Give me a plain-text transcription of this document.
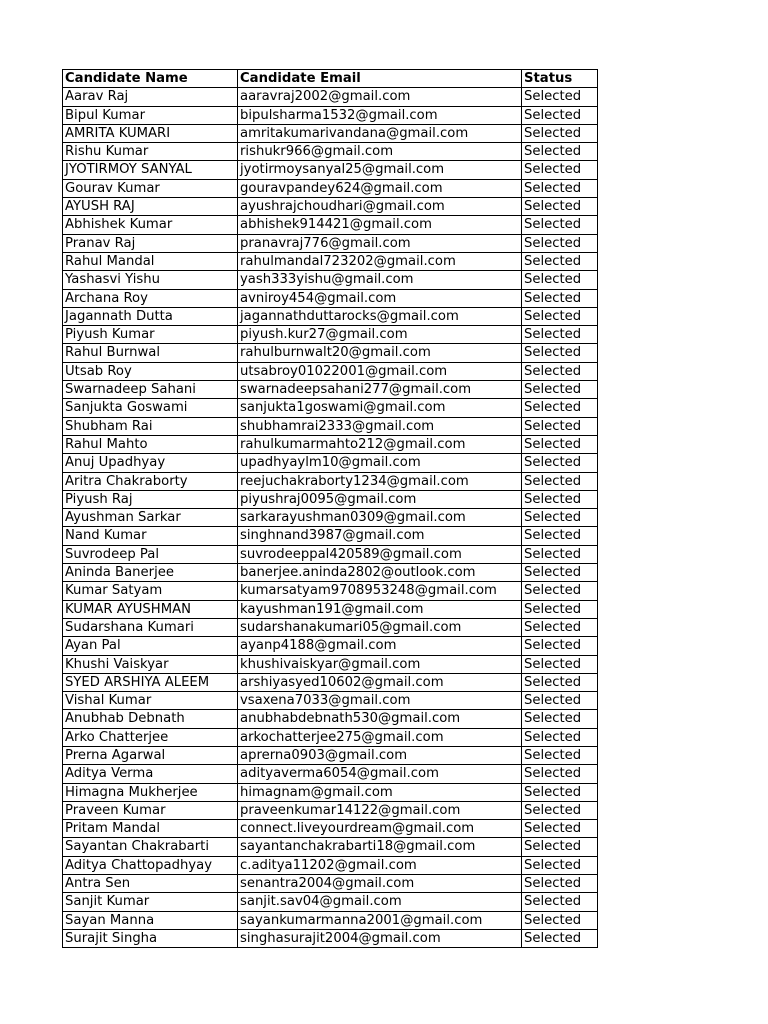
Candidate Name	Candidate Email	Status
Aarav Raj	aaravraj2002@gmail.com	Selected
Bipul Kumar	bipulsharma1532@gmail.com	Selected
AMRITA KUMARI	amritakumarivandana@gmail.com	Selected
Rishu Kumar	rishukr966@gmail.com	Selected
JYOTIRMOY SANYAL	jyotirmoysanyal25@gmail.com	Selected
Gourav Kumar	gouravpandey624@gmail.com	Selected
AYUSH RAJ	ayushrajchoudhari@gmail.com	Selected
Abhishek Kumar	abhishek914421@gmail.com	Selected
Pranav Raj	pranavraj776@gmail.com	Selected
Rahul Mandal	rahulmandal723202@gmail.com	Selected
Yashasvi Yishu	yash333yishu@gmail.com	Selected
Archana Roy	avniroy454@gmail.com	Selected
Jagannath Dutta	jagannathduttarocks@gmail.com	Selected
Piyush Kumar	piyush.kur27@gmail.com	Selected
Rahul Burnwal	rahulburnwalt20@gmail.com	Selected
Utsab Roy	utsabroy01022001@gmail.com	Selected
Swarnadeep Sahani	swarnadeepsahani277@gmail.com	Selected
Sanjukta Goswami	sanjukta1goswami@gmail.com	Selected
Shubham Rai	shubhamrai2333@gmail.com	Selected
Rahul Mahto	rahulkumarmahto212@gmail.com	Selected
Anuj Upadhyay	upadhyaylm10@gmail.com	Selected
Aritra Chakraborty	reejuchakraborty1234@gmail.com	Selected
Piyush Raj	piyushraj0095@gmail.com	Selected
Ayushman Sarkar	sarkarayushman0309@gmail.com	Selected
Nand Kumar	singhnand3987@gmail.com	Selected
Suvrodeep Pal	suvrodeeppal420589@gmail.com	Selected
Aninda Banerjee	banerjee.aninda2802@outlook.com	Selected
Kumar Satyam	kumarsatyam9708953248@gmail.com	Selected
KUMAR AYUSHMAN	kayushman191@gmail.com	Selected
Sudarshana Kumari	sudarshanakumari05@gmail.com	Selected
Ayan Pal	ayanp4188@gmail.com	Selected
Khushi Vaiskyar	khushivaiskyar@gmail.com	Selected
SYED ARSHIYA ALEEM	arshiyasyed10602@gmail.com	Selected
Vishal Kumar	vsaxena7033@gmail.com	Selected
Anubhab Debnath	anubhabdebnath530@gmail.com	Selected
Arko Chatterjee	arkochatterjee275@gmail.com	Selected
Prerna Agarwal	aprerna0903@gmail.com	Selected
Aditya Verma	adityaverma6054@gmail.com	Selected
Himagna Mukherjee	himagnam@gmail.com	Selected
Praveen Kumar	praveenkumar14122@gmail.com	Selected
Pritam Mandal	connect.liveyourdream@gmail.com	Selected
Sayantan Chakrabarti	sayantanchakrabarti18@gmail.com	Selected
Aditya Chattopadhyay	c.aditya11202@gmail.com	Selected
Antra Sen	senantra2004@gmail.com	Selected
Sanjit Kumar	sanjit.sav04@gmail.com	Selected
Sayan Manna	sayankumarmanna2001@gmail.com	Selected
Surajit Singha	singhasurajit2004@gmail.com	Selected
